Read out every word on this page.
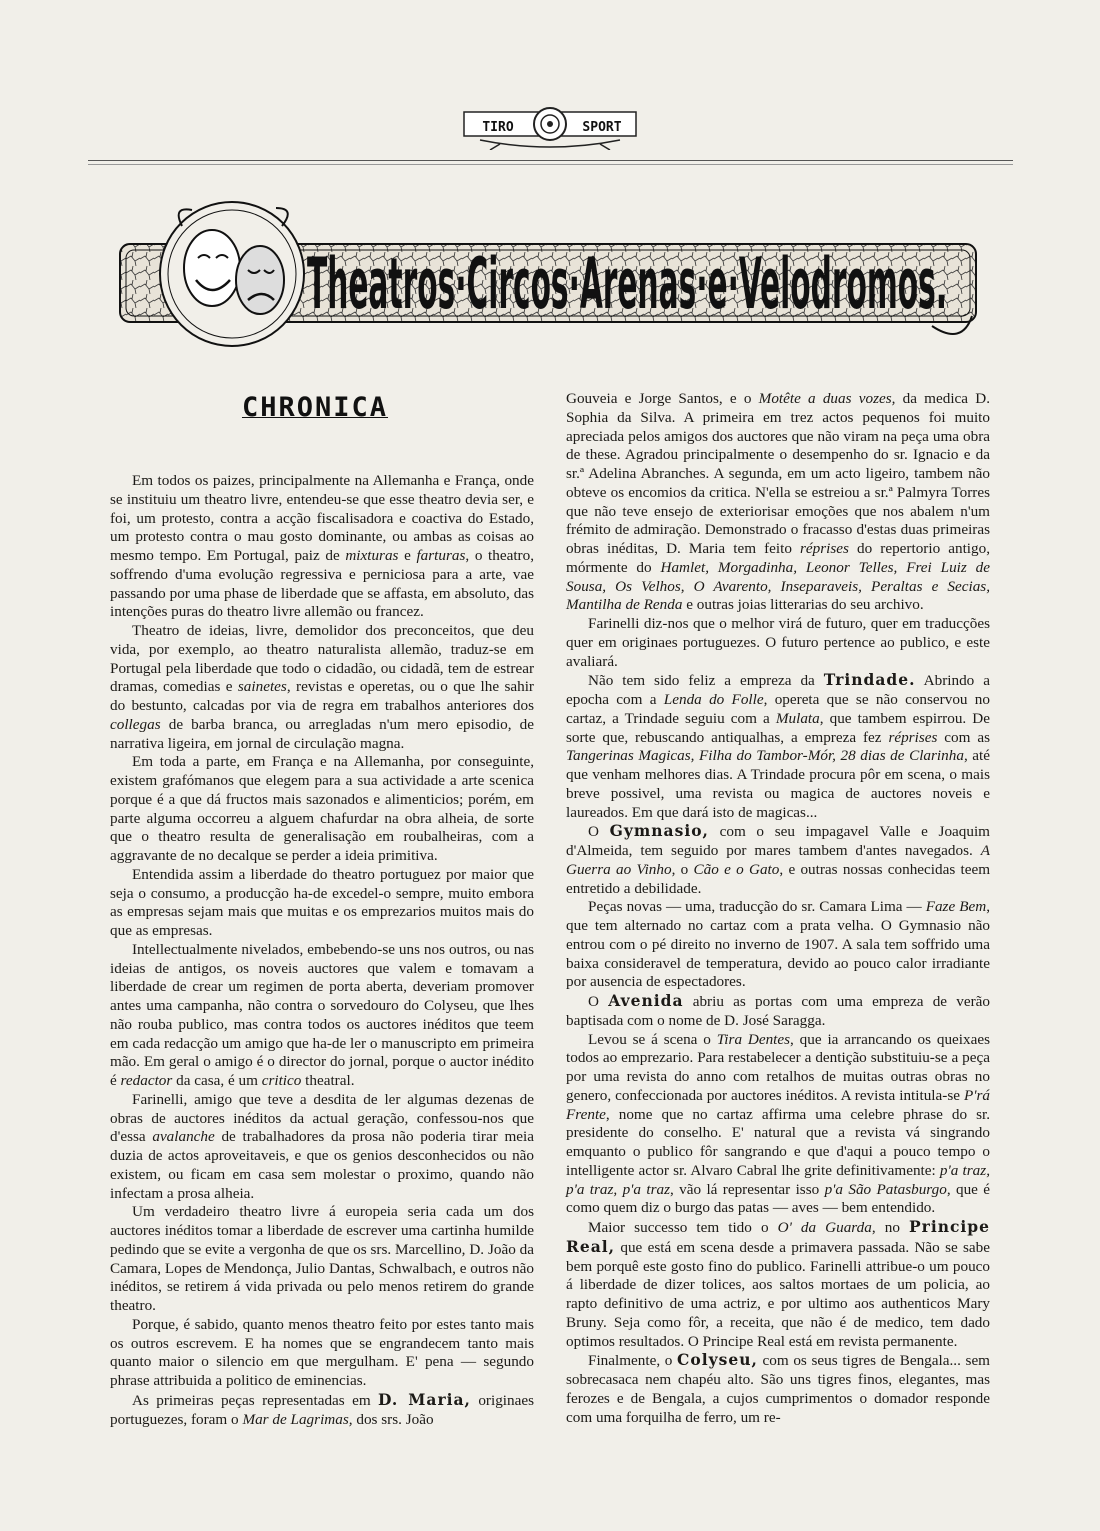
TIRO	SPORT
Theatros·Circos·Arenas·e·Velodromos.
CHRONICA

Em todos os paizes, principalmente na Allemanha e França, onde se instituiu um theatro livre, entendeu-se que esse theatro devia ser, e foi, um protesto, contra a acção fiscalisadora e coactiva do Estado, um protesto contra o mau gosto dominante, ou ambas as coisas ao mesmo tempo. Em Portugal, paiz de mixturas e farturas, o theatro, soffrendo d'uma evolução regressiva e perniciosa para a arte, vae passando por uma phase de liberdade que se affasta, em absoluto, das intenções puras do theatro livre allemão ou francez.

Theatro de ideias, livre, demolidor dos preconceitos, que deu vida, por exemplo, ao theatro naturalista allemão, traduz-se em Portugal pela liberdade que todo o cidadão, ou cidadã, tem de estrear dramas, comedias e sainetes, revistas e operetas, ou o que lhe sahir do bestunto, calcadas por via de regra em trabalhos anteriores dos collegas de barba branca, ou arregladas n'um mero episodio, de narrativa ligeira, em jornal de circulação magna.

Em toda a parte, em França e na Allemanha, por conseguinte, existem grafómanos que elegem para a sua actividade a arte scenica porque é a que dá fructos mais sazonados e alimenticios; porém, em parte alguma occorreu a alguem chafurdar na obra alheia, de sorte que o theatro resulta de generalisação em roubalheiras, com a aggravante de no decalque se perder a ideia primitiva.

Entendida assim a liberdade do theatro portuguez por maior que seja o consumo, a producção ha-de excedel-o sempre, muito embora as empresas sejam mais que muitas e os emprezarios muitos mais do que as empresas.

Intellectualmente nivelados, embebendo-se uns nos outros, ou nas ideias de antigos, os noveis auctores que valem e tomavam a liberdade de crear um regimen de porta aberta, deveriam promover antes uma campanha, não contra o sorvedouro do Colyseu, que lhes não rouba publico, mas contra todos os auctores inéditos que teem em cada redacção um amigo que ha-de ler o manuscripto em primeira mão. Em geral o amigo é o director do jornal, porque o auctor inédito é redactor da casa, é um critico theatral.

Farinelli, amigo que teve a desdita de ler algumas dezenas de obras de auctores inéditos da actual geração, confessou-nos que d'essa avalanche de trabalhadores da prosa não poderia tirar meia duzia de actos aproveitaveis, e que os genios desconhecidos ou não existem, ou ficam em casa sem molestar o proximo, quando não infectam a prosa alheia.

Um verdadeiro theatro livre á europeia seria cada um dos auctores inéditos tomar a liberdade de escrever uma cartinha humilde pedindo que se evite a vergonha de que os srs. Marcellino, D. João da Camara, Lopes de Mendonça, Julio Dantas, Schwalbach, e outros não inéditos, se retirem á vida privada ou pelo menos retirem do grande theatro.

Porque, é sabido, quanto menos theatro feito por estes tanto mais os outros escrevem. E ha nomes que se engrandecem tanto mais quanto maior o silencio em que mergulham. E' pena — segundo phrase attribuida a politico de eminencias.

As primeiras peças representadas em D. Maria, originaes portuguezes, foram o Mar de Lagrimas, dos srs. João

Gouveia e Jorge Santos, e o Motête a duas vozes, da medica D. Sophia da Silva. A primeira em trez actos pequenos foi muito apreciada pelos amigos dos auctores que não viram na peça uma obra de these. Agradou principalmente o desempenho do sr. Ignacio e da sr.ª Adelina Abranches. A segunda, em um acto ligeiro, tambem não obteve os encomios da critica. N'ella se estreiou a sr.ª Palmyra Torres que não teve ensejo de exteriorisar emoções que nos abalem n'um frémito de admiração. Demonstrado o fracasso d'estas duas primeiras obras inéditas, D. Maria tem feito réprises do repertorio antigo, mórmente do Hamlet, Morgadinha, Leonor Telles, Frei Luiz de Sousa, Os Velhos, O Avarento, Inseparaveis, Peraltas e Secias, Mantilha de Renda e outras joias litterarias do seu archivo.

Farinelli diz-nos que o melhor virá de futuro, quer em traducções quer em originaes portuguezes. O futuro pertence ao publico, e este avaliará.

Não tem sido feliz a empreza da Trindade. Abrindo a epocha com a Lenda do Folle, opereta que se não conservou no cartaz, a Trindade seguiu com a Mulata, que tambem espirrou. De sorte que, rebuscando antiqualhas, a empreza fez réprises com as Tangerinas Magicas, Filha do Tambor-Mór, 28 dias de Clarinha, até que venham melhores dias. A Trindade procura pôr em scena, o mais breve possivel, uma revista ou magica de auctores noveis e laureados. Em que dará isto de magicas...

O Gymnasio, com o seu impagavel Valle e Joaquim d'Almeida, tem seguido por mares tambem d'antes navegados. A Guerra ao Vinho, o Cão e o Gato, e outras nossas conhecidas teem entretido a debilidade.

Peças novas — uma, traducção do sr. Camara Lima — Faze Bem, que tem alternado no cartaz com a prata velha. O Gymnasio não entrou com o pé direito no inverno de 1907. A sala tem soffrido uma baixa consideravel de temperatura, devido ao pouco calor irradiante por ausencia de espectadores.

O Avenida abriu as portas com uma empreza de verão baptisada com o nome de D. José Saragga.

Levou se á scena o Tira Dentes, que ia arrancando os queixaes todos ao emprezario. Para restabelecer a dentição substituiu-se a peça por uma revista do anno com retalhos de muitas outras obras no genero, confeccionada por auctores inéditos. A revista intitula-se P'rá Frente, nome que no cartaz affirma uma celebre phrase do sr. presidente do conselho. E' natural que a revista vá singrando emquanto o publico fôr sangrando e que d'aqui a pouco tempo o intelligente actor sr. Alvaro Cabral lhe grite definitivamente: p'a traz, p'a traz, p'a traz, vão lá representar isso p'a São Patasburgo, que é como quem diz o burgo das patas — aves — bem entendido.

Maior successo tem tido o O' da Guarda, no Principe Real, que está em scena desde a primavera passada. Não se sabe bem porquê este gosto fino do publico. Farinelli attribue-o um pouco á liberdade de dizer tolices, aos saltos mortaes de um policia, ao rapto definitivo de uma actriz, e por ultimo aos authenticos Mary Bruny. Seja como fôr, a receita, que não é de medico, tem dado optimos resultados. O Principe Real está em revista permanente.

Finalmente, o Colyseu, com os seus tigres de Bengala... sem sobrecasaca nem chapéu alto. São uns tigres finos, elegantes, mas ferozes e de Bengala, a cujos cumprimentos o domador responde com uma forquilha de ferro, um re-
